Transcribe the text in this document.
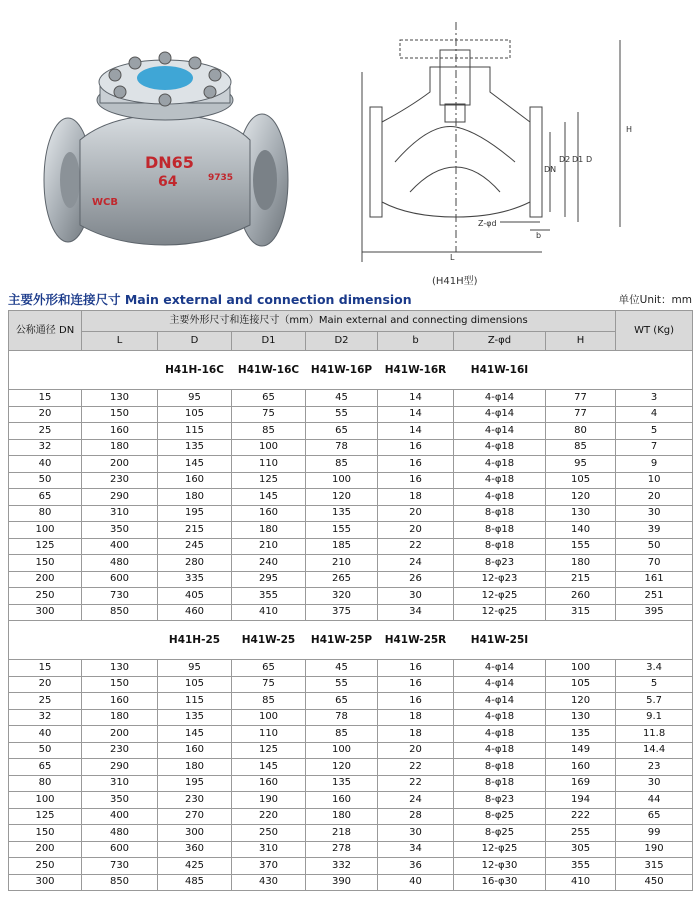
DN65
64
WCB
9735
DN
D2 D1 D
Z-φd
b
L
H
(H41H型)
主要外形和连接尺寸 Main external and connection dimension	单位Unit：mm
公称通径 DN	主要外形尺寸和连接尺寸（mm）Main external and connecting dimensions							WT (Kg)
	L	D	D1	D2	b	Z-φd	H	
		H41H-16C	H41W-16C	H41W-16P	H41W-16R	H41W-16I		
15	130	95	65	45	14	4-φ14	77	3
20	150	105	75	55	14	4-φ14	77	4
25	160	115	85	65	14	4-φ14	80	5
32	180	135	100	78	16	4-φ18	85	7
40	200	145	110	85	16	4-φ18	95	9
50	230	160	125	100	16	4-φ18	105	10
65	290	180	145	120	18	4-φ18	120	20
80	310	195	160	135	20	8-φ18	130	30
100	350	215	180	155	20	8-φ18	140	39
125	400	245	210	185	22	8-φ18	155	50
150	480	280	240	210	24	8-φ23	180	70
200	600	335	295	265	26	12-φ23	215	161
250	730	405	355	320	30	12-φ25	260	251
300	850	460	410	375	34	12-φ25	315	395
		H41H-25	H41W-25	H41W-25P	H41W-25R	H41W-25I		
15	130	95	65	45	16	4-φ14	100	3.4
20	150	105	75	55	16	4-φ14	105	5
25	160	115	85	65	16	4-φ14	120	5.7
32	180	135	100	78	18	4-φ18	130	9.1
40	200	145	110	85	18	4-φ18	135	11.8
50	230	160	125	100	20	4-φ18	149	14.4
65	290	180	145	120	22	8-φ18	160	23
80	310	195	160	135	22	8-φ18	169	30
100	350	230	190	160	24	8-φ23	194	44
125	400	270	220	180	28	8-φ25	222	65
150	480	300	250	218	30	8-φ25	255	99
200	600	360	310	278	34	12-φ25	305	190
250	730	425	370	332	36	12-φ30	355	315
300	850	485	430	390	40	16-φ30	410	450
